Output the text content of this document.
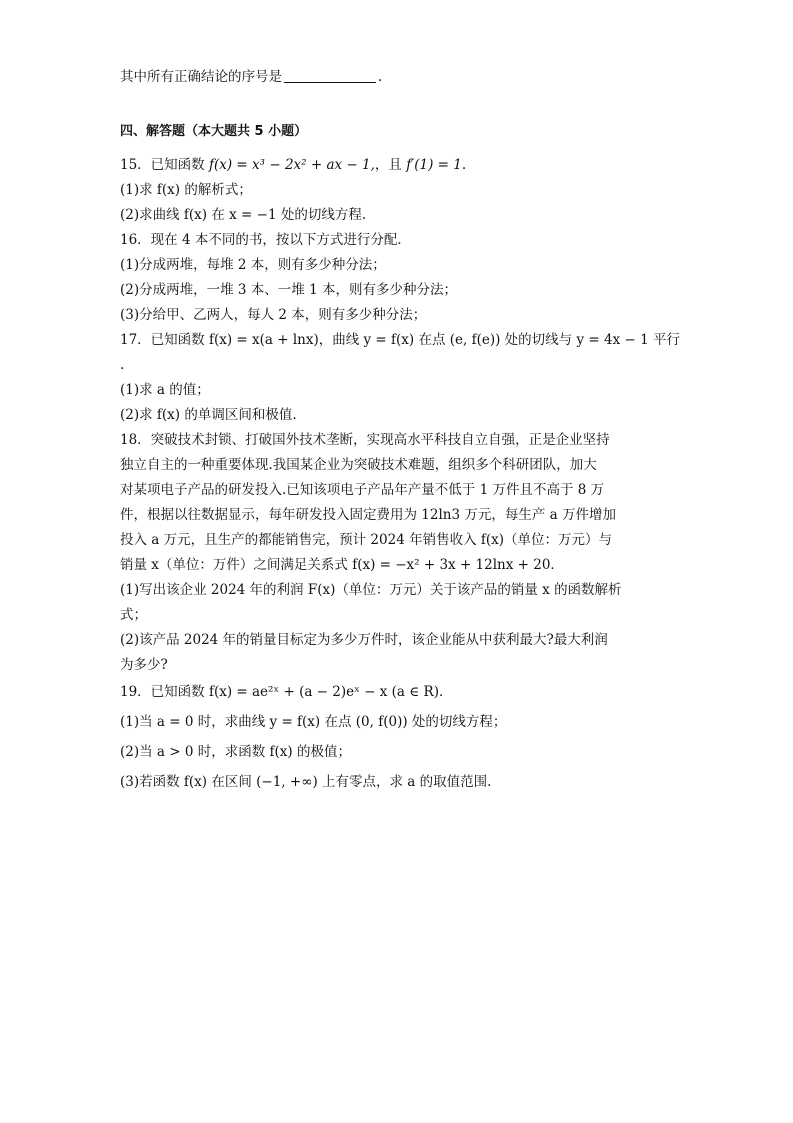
其中所有正确结论的序号是	.
四、解答题（本大题共 5 小题）
15．已知函数 f(x) = x³ − 2x² + ax − 1,，且 f′(1) = 1.
(1)求 f(x) 的解析式；
(2)求曲线 f(x) 在 x = −1 处的切线方程.
16．现在 4 本不同的书，按以下方式进行分配．
(1)分成两堆，每堆 2 本，则有多少种分法；
(2)分成两堆，一堆 3 本、一堆 1 本，则有多少种分法；
(3)分给甲、乙两人，每人 2 本，则有多少种分法；
17．已知函数 f(x) = x(a + lnx)，曲线 y = f(x) 在点 (e, f(e)) 处的切线与 y = 4x − 1 平行
.
(1)求 a 的值；
(2)求 f(x) 的单调区间和极值.
18．突破技术封锁、打破国外技术垄断，实现高水平科技自立自强，正是企业坚持
独立自主的一种重要体现.我国某企业为突破技术难题，组织多个科研团队，加大
对某项电子产品的研发投入.已知该项电子产品年产量不低于 1 万件且不高于 8 万
件，根据以往数据显示，每年研发投入固定费用为 12ln3 万元，每生产 a 万件增加
投入 a 万元，且生产的都能销售完，预计 2024 年销售收入 f(x)（单位：万元）与
销量 x（单位：万件）之间满足关系式 f(x) = −x² + 3x + 12lnx + 20．
(1)写出该企业 2024 年的利润 F(x)（单位：万元）关于该产品的销量 x 的函数解析
式；
(2)该产品 2024 年的销量目标定为多少万件时，该企业能从中获利最大?最大利润
为多少?
19．已知函数 f(x) = ae²ˣ + (a − 2)eˣ − x (a ∈ R)．
(1)当 a = 0 时，求曲线 y = f(x) 在点 (0, f(0)) 处的切线方程；
(2)当 a > 0 时，求函数 f(x) 的极值；
(3)若函数 f(x) 在区间 (−1, +∞) 上有零点，求 a 的取值范围.
